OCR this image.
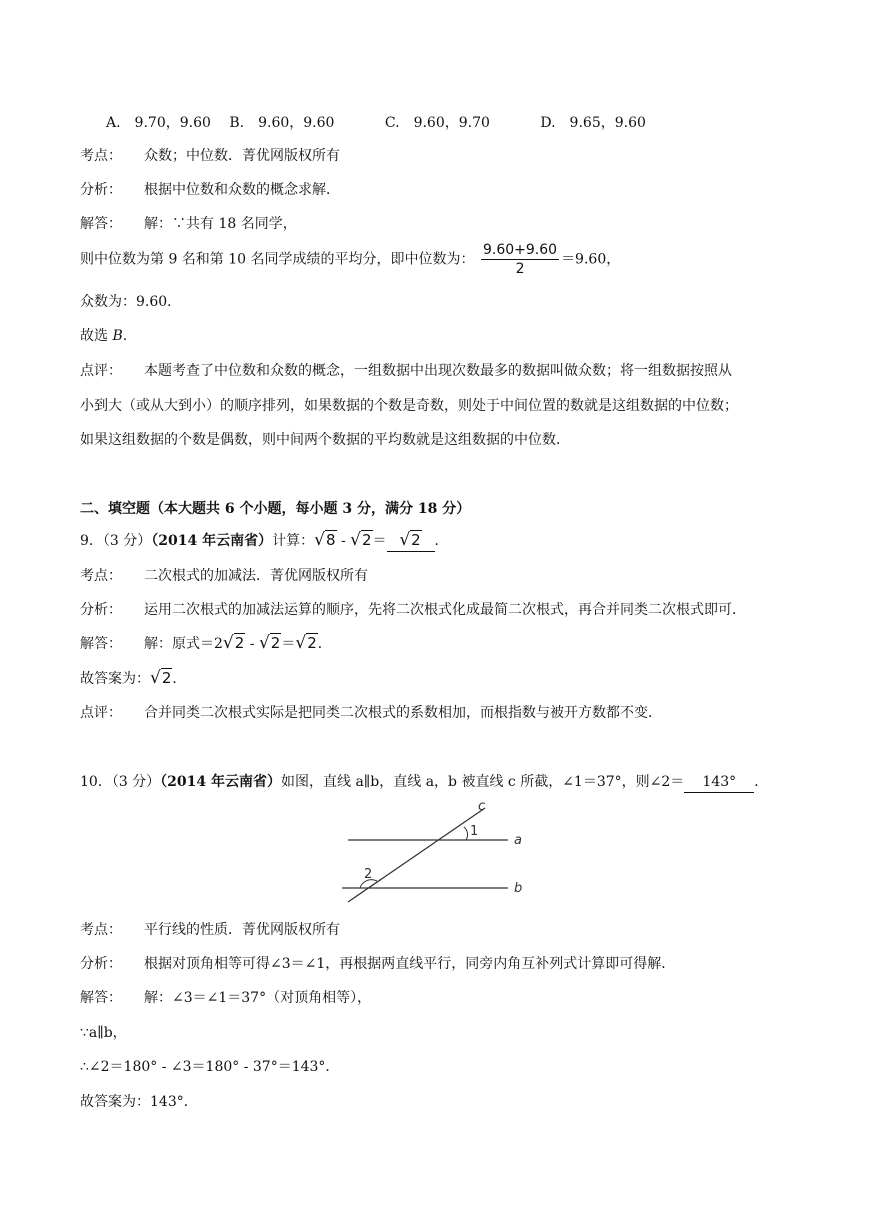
A.　9.70，9.60 B.　9.60，9.60	C.　9.60，9.70	D.　9.65，9.60
考点： 众数；中位数．菁优网版权所有
分析： 根据中位数和众数的概念求解．
解答： 解：∵共有 18 名同学，
则中位数为第 9 名和第 10 名同学成绩的平均分，即中位数为： $\frac{9.60+9.60}{2} =9.60$，
众数为：9.60．
故选 B.
点评： 本题考查了中位数和众数的概念，一组数据中出现次数最多的数据叫做众数；将一组数据按照从
小到大（或从大到小）的顺序排列，如果数据的个数是奇数，则处于中间位置的数就是这组数据的中位数；
如果这组数据的个数是偶数，则中间两个数据的平均数就是这组数据的中位数．
二、填空题（本大题共 6 个小题，每小题 3 分，满分 18 分）
9．（3 分）（2014 年云南省）计算：√8 - √2＝ √2 ．
考点： 二次根式的加减法．菁优网版权所有
分析： 运用二次根式的加减法运算的顺序，先将二次根式化成最简二次根式，再合并同类二次根式即可．
解答： 解：原式＝2√2 - √2＝√2．
故答案为：√2．
点评： 合并同类二次根式实际是把同类二次根式的系数相加，而根指数与被开方数都不变．
10．（3 分）（2014 年云南省）如图，直线 a∥b，直线 a，b 被直线 c 所截，∠1＝37°，则∠2＝ 143° ．
c
1
a
2
b
考点： 平行线的性质．菁优网版权所有
分析： 根据对顶角相等可得∠3＝∠1，再根据两直线平行，同旁内角互补列式计算即可得解．
解答： 解：∠3＝∠1＝37°（对顶角相等），
∵a∥b，
∴∠2＝180° - ∠3＝180° - 37°＝143°．
故答案为：143°．
